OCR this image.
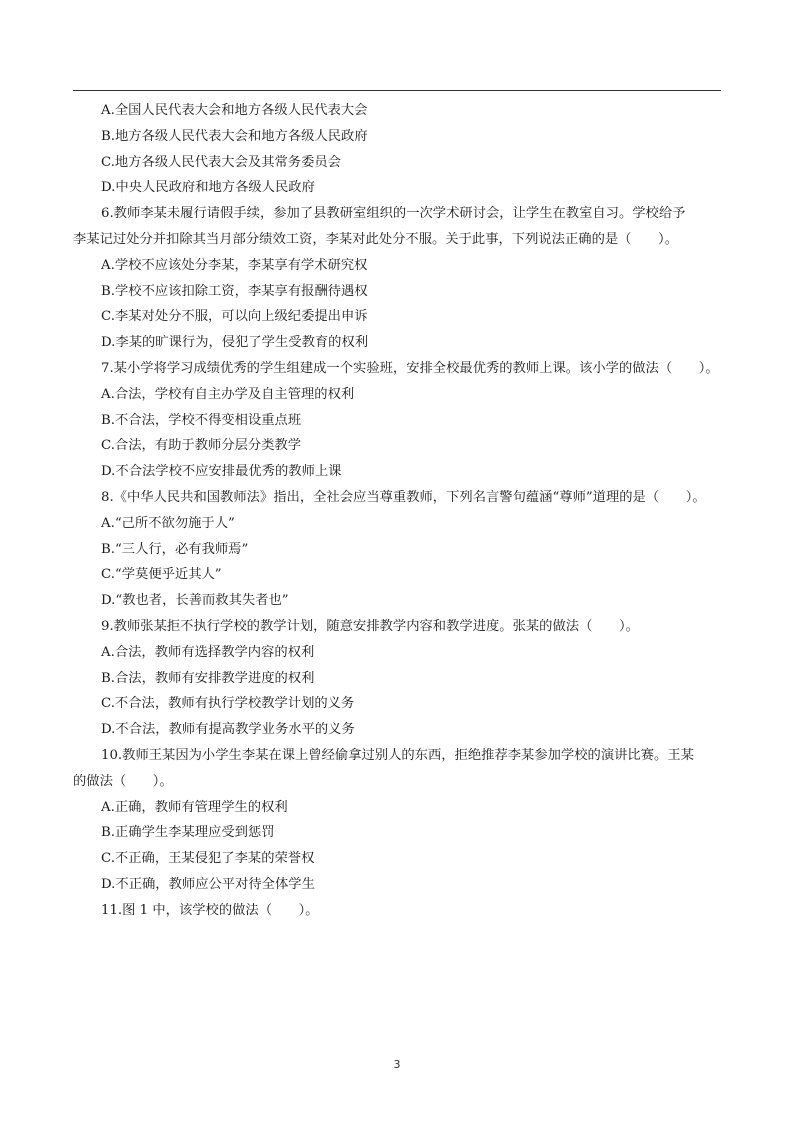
A.全国人民代表大会和地方各级人民代表大会
B.地方各级人民代表大会和地方各级人民政府
C.地方各级人民代表大会及其常务委员会
D.中央人民政府和地方各级人民政府
6.教师李某未履行请假手续，参加了县教研室组织的一次学术研讨会，让学生在教室自习。学校给予
李某记过处分并扣除其当月部分绩效工资，李某对此处分不服。关于此事，下列说法正确的是（　　）。
A.学校不应该处分李某，李某享有学术研究权
B.学校不应该扣除工资，李某享有报酬待遇权
C.李某对处分不服，可以向上级纪委提出申诉
D.李某的旷课行为，侵犯了学生受教育的权利
7.某小学将学习成绩优秀的学生组建成一个实验班，安排全校最优秀的教师上课。该小学的做法（　　）。
A.合法，学校有自主办学及自主管理的权利
B.不合法，学校不得变相设重点班
C.合法，有助于教师分层分类教学
D.不合法学校不应安排最优秀的教师上课
8.《中华人民共和国教师法》指出，全社会应当尊重教师，下列名言警句蕴涵“尊师”道理的是（　　）。
A.“己所不欲勿施于人”
B.“三人行，必有我师焉”
C.“学莫便乎近其人”
D.“教也者，长善而救其失者也”
9.教师张某拒不执行学校的教学计划，随意安排教学内容和教学进度。张某的做法（　　）。
A.合法，教师有选择教学内容的权利
B.合法，教师有安排教学进度的权利
C.不合法，教师有执行学校教学计划的义务
D.不合法，教师有提高教学业务水平的义务
10.教师王某因为小学生李某在课上曾经偷拿过别人的东西，拒绝推荐李某参加学校的演讲比赛。王某
的做法（　　）。
A.正确，教师有管理学生的权利
B.正确学生李某理应受到惩罚
C.不正确，王某侵犯了李某的荣誉权
D.不正确，教师应公平对待全体学生
11.图 1 中，该学校的做法（　　）。
3
